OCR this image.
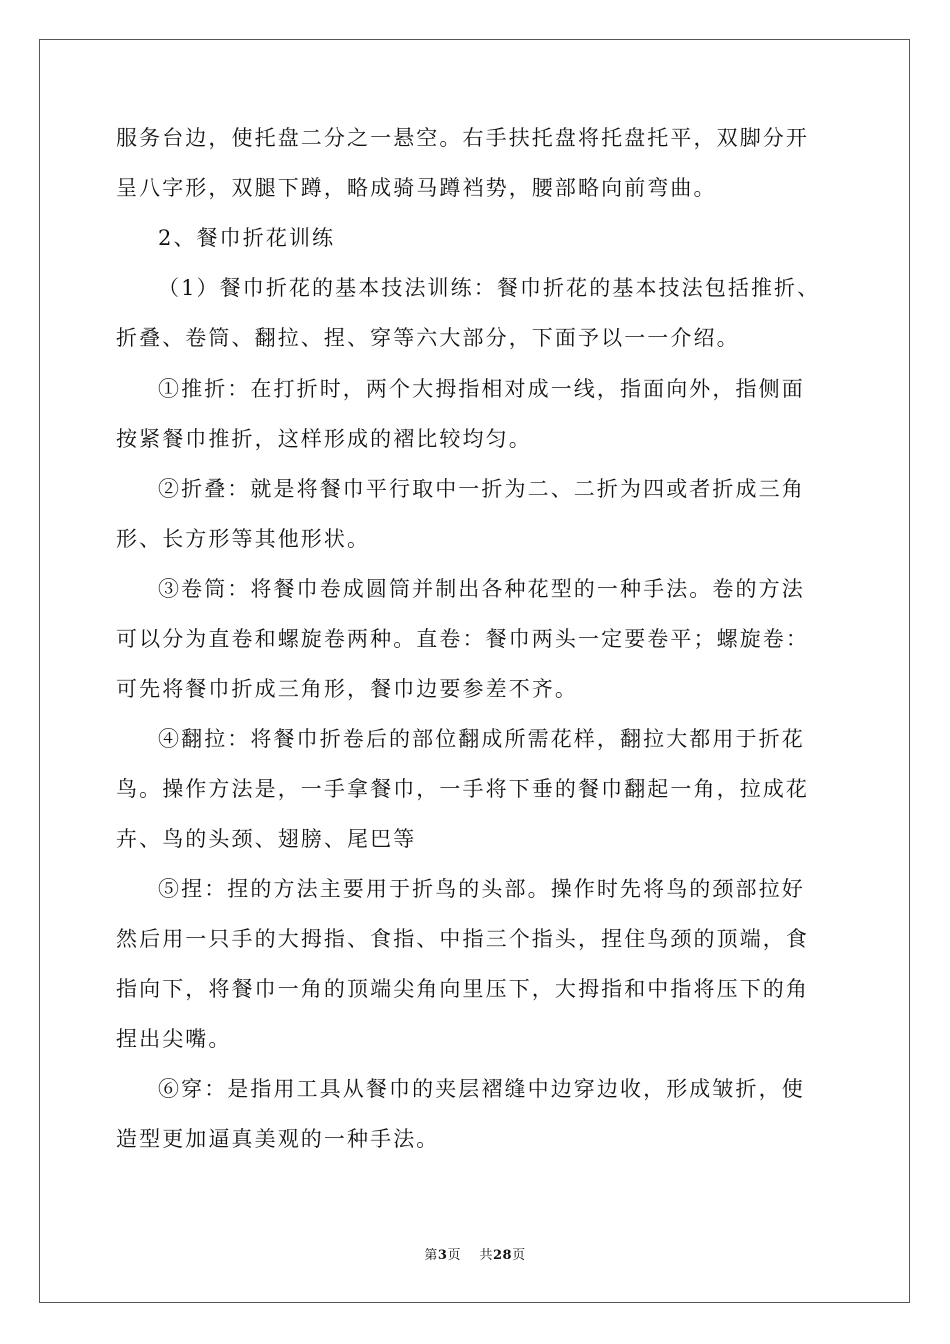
服务台边，使托盘二分之一悬空。右手扶托盘将托盘托平，双脚分开
呈八字形，双腿下蹲，略成骑马蹲裆势，腰部略向前弯曲。
2、餐巾折花训练
（1）餐巾折花的基本技法训练：餐巾折花的基本技法包括推折、
折叠、卷筒、翻拉、捏、穿等六大部分，下面予以一一介绍。
①推折：在打折时，两个大拇指相对成一线，指面向外，指侧面
按紧餐巾推折，这样形成的褶比较均匀。
②折叠：就是将餐巾平行取中一折为二、二折为四或者折成三角
形、长方形等其他形状。
③卷筒：将餐巾卷成圆筒并制出各种花型的一种手法。卷的方法
可以分为直卷和螺旋卷两种。直卷：餐巾两头一定要卷平；螺旋卷：
可先将餐巾折成三角形，餐巾边要参差不齐。
④翻拉：将餐巾折卷后的部位翻成所需花样，翻拉大都用于折花
鸟。操作方法是，一手拿餐巾，一手将下垂的餐巾翻起一角，拉成花
卉、鸟的头颈、翅膀、尾巴等
⑤捏：捏的方法主要用于折鸟的头部。操作时先将鸟的颈部拉好
然后用一只手的大拇指、食指、中指三个指头，捏住鸟颈的顶端，食
指向下，将餐巾一角的顶端尖角向里压下，大拇指和中指将压下的角
捏出尖嘴。
⑥穿：是指用工具从餐巾的夹层褶缝中边穿边收，形成皱折，使
造型更加逼真美观的一种手法。
第3页 共28页
